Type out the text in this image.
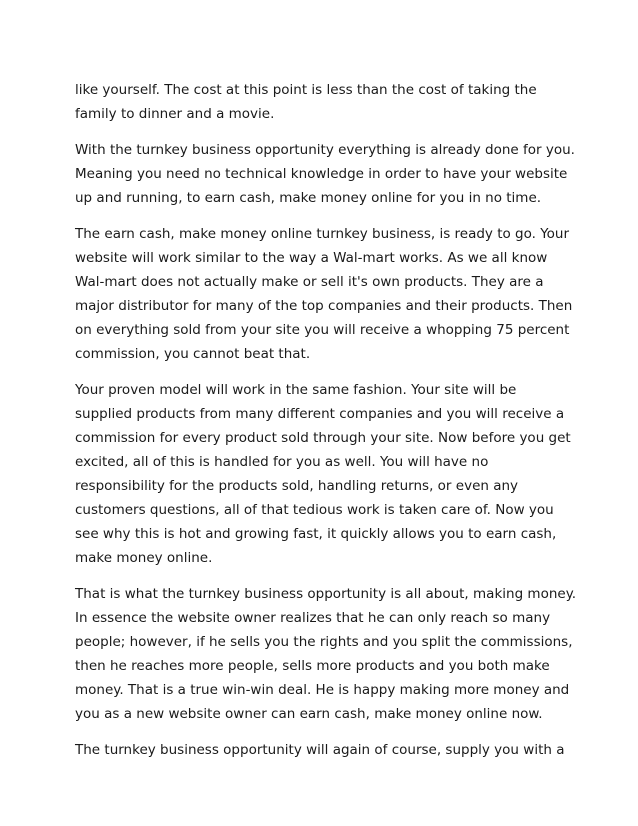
like yourself. The cost at this point is less than the cost of taking the
family to dinner and a movie.

With the turnkey business opportunity everything is already done for you.
Meaning you need no technical knowledge in order to have your website
up and running, to earn cash, make money online for you in no time.

The earn cash, make money online turnkey business, is ready to go. Your
website will work similar to the way a Wal-mart works. As we all know
Wal-mart does not actually make or sell it's own products. They are a
major distributor for many of the top companies and their products. Then
on everything sold from your site you will receive a whopping 75 percent
commission, you cannot beat that.

Your proven model will work in the same fashion. Your site will be
supplied products from many different companies and you will receive a
commission for every product sold through your site. Now before you get
excited, all of this is handled for you as well. You will have no
responsibility for the products sold, handling returns, or even any
customers questions, all of that tedious work is taken care of. Now you
see why this is hot and growing fast, it quickly allows you to earn cash,
make money online.

That is what the turnkey business opportunity is all about, making money.
In essence the website owner realizes that he can only reach so many
people; however, if he sells you the rights and you split the commissions,
then he reaches more people, sells more products and you both make
money. That is a true win-win deal. He is happy making more money and
you as a new website owner can earn cash, make money online now.

The turnkey business opportunity will again of course, supply you with a
